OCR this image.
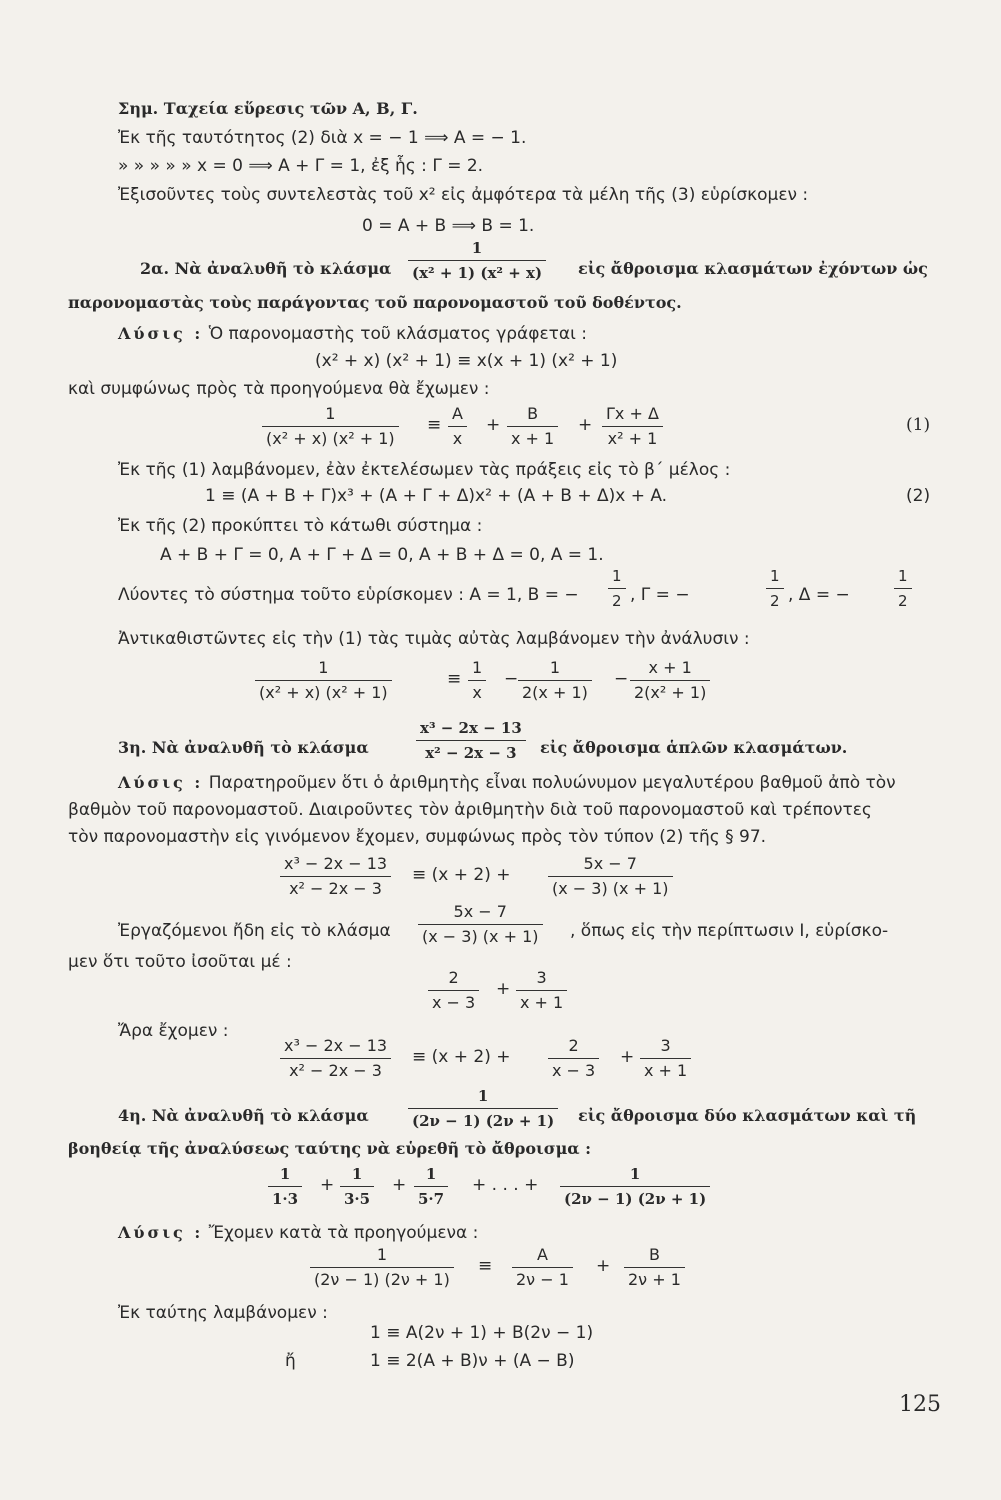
Σημ. Ταχεία εὕρεσις τῶν Α, Β, Γ.
Ἐκ τῆς ταυτότητος (2) διὰ x = − 1 ⟹ A = − 1.
» » » » » x = 0 ⟹ A + Γ = 1, ἐξ ἧς : Γ = 2.
Ἐξισοῦντες τοὺς συντελεστὰς τοῦ x² εἰς ἀμφότερα τὰ μέλη τῆς (3) εὑρίσκομεν :
0 = A + B ⟹ B = 1.
2α. Νὰ ἀναλυθῆ τὸ κλάσμα $\frac{1}{\text{(x² + 1) (x² + x)}}$ εἰς ἄθροισμα κλασμάτων ἐχόντων ὡς
παρονομαστὰς τοὺς παράγοντας τοῦ παρονομαστοῦ τοῦ δοθέντος.
Λύσις : Ὁ παρονομαστὴς τοῦ κλάσματος γράφεται :
(x² + x) (x² + 1) ≡ x(x + 1) (x² + 1)
καὶ συμφώνως πρὸς τὰ προηγούμενα θὰ ἔχωμεν :
$\frac{1}{\text{(x² + x) (x² + 1)}} \equiv \frac{A}{x} + \frac{B}{x + 1} + \frac{\Gamma x + \Delta}{\text{x² + 1}}$	(1)
Ἐκ τῆς (1) λαμβάνομεν, ἐὰν ἐκτελέσωμεν τὰς πράξεις εἰς τὸ β΄ μέλος :
1 ≡ (A + B + Γ)x³ + (A + Γ + Δ)x² + (A + B + Δ)x + A.	(2)
Ἐκ τῆς (2) προκύπτει τὸ κάτωθι σύστημα :
A + B + Γ = 0, A + Γ + Δ = 0, A + B + Δ = 0, A = 1.
Λύοντες τὸ σύστημα τοῦτο εὑρίσκομεν : A = 1, B = − $\frac{1}{2}$ , Γ = −	$\frac{1}{2}$ , Δ = −	$\frac{1}{2}$
Ἀντικαθιστῶντες εἰς τὴν (1) τὰς τιμὰς αὐτὰς λαμβάνομεν τὴν ἀνάλυσιν :
$\frac{1}{\text{(x² + x) (x² + 1)}}$	≡ $\frac{1}{x} - \frac{1}{2(x + 1)} - \frac{x + 1}{\text{2(x² + 1)}}$
3η. Νὰ ἀναλυθῆ τὸ κλάσμα	$\frac{\text{x³ − 2x − 13}}{\text{x² − 2x − 3}}$ εἰς ἄθροισμα ἁπλῶν κλασμάτων.
Λύσις : Παρατηροῦμεν ὅτι ὁ ἀριθμητὴς εἶναι πολυώνυμον μεγαλυτέρου βαθμοῦ ἀπὸ τὸν
βαθμὸν τοῦ παρονομαστοῦ. Διαιροῦντες τὸν ἀριθμητὴν διὰ τοῦ παρονομαστοῦ καὶ τρέποντες
τὸν παρονομαστὴν εἰς γινόμενον ἔχομεν, συμφώνως πρὸς τὸν τύπον (2) τῆς § 97.
$\frac{\text{x³ − 2x − 13}}{\text{x² − 2x − 3}} \equiv (x + 2) + \frac{5x - 7}{(x - 3) (x + 1)}$
Ἐργαζόμενοι ἤδη εἰς τὸ κλάσμα $\frac{5x - 7}{(x - 3) (x + 1)}$ , ὅπως εἰς τὴν περίπτωσιν Ι, εὑρίσκο-
μεν ὅτι τοῦτο ἰσοῦται μέ :
$\frac{2}{x - 3} + \frac{3}{x + 1}$
Ἄρα ἔχομεν :
$\frac{\text{x³ − 2x − 13}}{\text{x² − 2x − 3}} \equiv (x + 2) + \frac{2}{x - 3} + \frac{3}{x + 1}$
4η. Νὰ ἀναλυθῆ τὸ κλάσμα	$\frac{1}{(2\nu - 1) (2\nu + 1)}$ εἰς ἄθροισμα δύο κλασμάτων καὶ τῆ
βοηθείᾳ τῆς ἀναλύσεως ταύτης νὰ εὑρεθῆ τὸ ἄθροισμα :
$\frac{1}{1\cdot 3} + \frac{1}{3\cdot 5} + \frac{1}{5\cdot 7}$ + . . . + $\frac{1}{(2\nu - 1) (2\nu + 1)}$
Λύσις : Ἔχομεν κατὰ τὰ προηγούμενα :
$\frac{1}{(2\nu - 1) (2\nu + 1)} \equiv \frac{A}{2\nu - 1} + \frac{B}{2\nu + 1}$
Ἐκ ταύτης λαμβάνομεν :
1 ≡ A(2ν + 1) + B(2ν − 1)
ἤ	1 ≡ 2(A + B)ν + (A − B)
125
